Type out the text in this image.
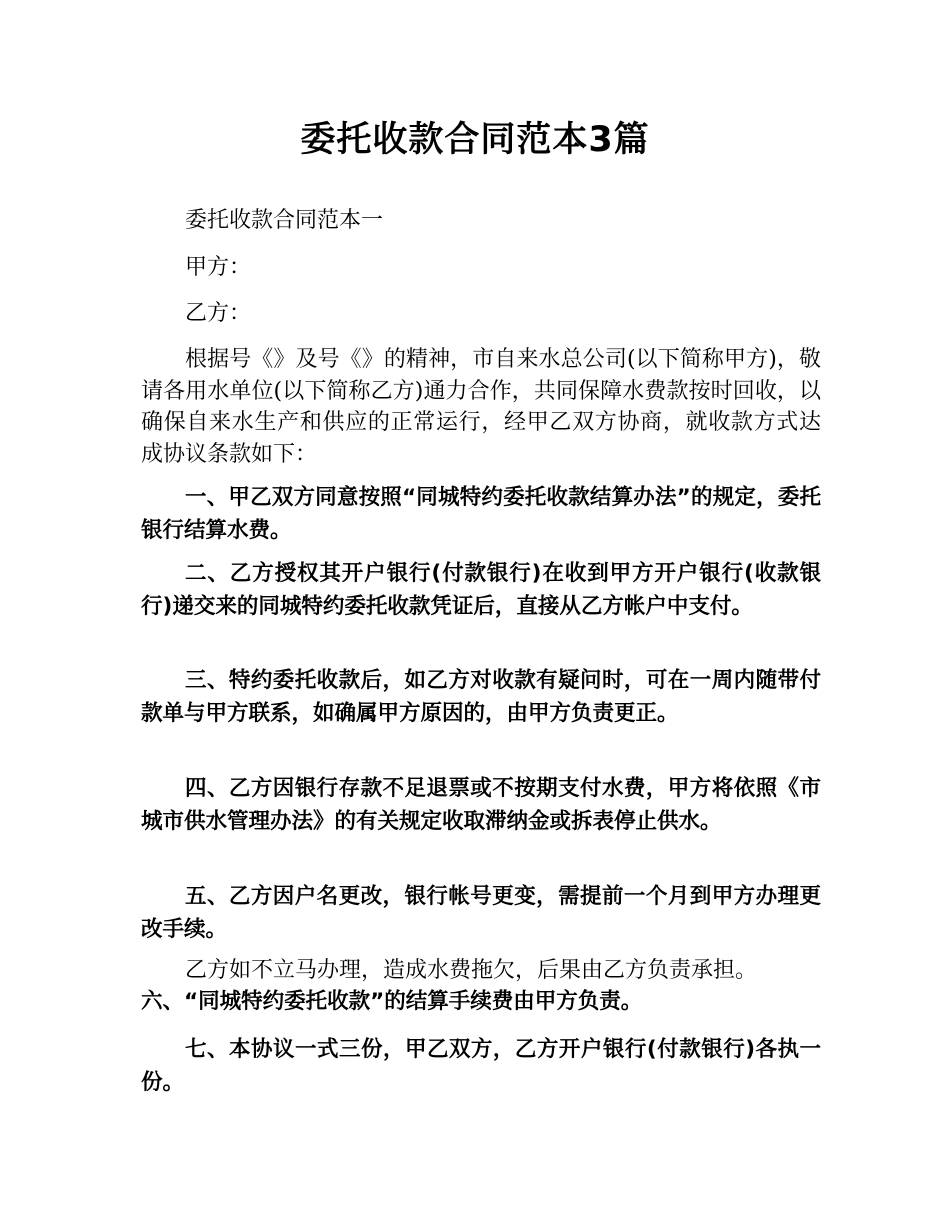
委托收款合同范本3篇
委托收款合同范本一
甲方：
乙方：
根据号《》及号《》的精神，市自来水总公司(以下简称甲方)，敬请各用水单位(以下简称乙方)通力合作，共同保障水费款按时回收，以确保自来水生产和供应的正常运行，经甲乙双方协商，就收款方式达成协议条款如下：
一、甲乙双方同意按照“同城特约委托收款结算办法”的规定，委托银行结算水费。
二、乙方授权其开户银行(付款银行)在收到甲方开户银行(收款银行)递交来的同城特约委托收款凭证后，直接从乙方帐户中支付。
三、特约委托收款后，如乙方对收款有疑问时，可在一周内随带付款单与甲方联系，如确属甲方原因的，由甲方负责更正。
四、乙方因银行存款不足退票或不按期支付水费，甲方将依照《市城市供水管理办法》的有关规定收取滞纳金或拆表停止供水。
五、乙方因户名更改，银行帐号更变，需提前一个月到甲方办理更改手续。
乙方如不立马办理，造成水费拖欠，后果由乙方负责承担。
六、“同城特约委托收款”的结算手续费由甲方负责。
七、本协议一式三份，甲乙双方，乙方开户银行(付款银行)各执一份。
